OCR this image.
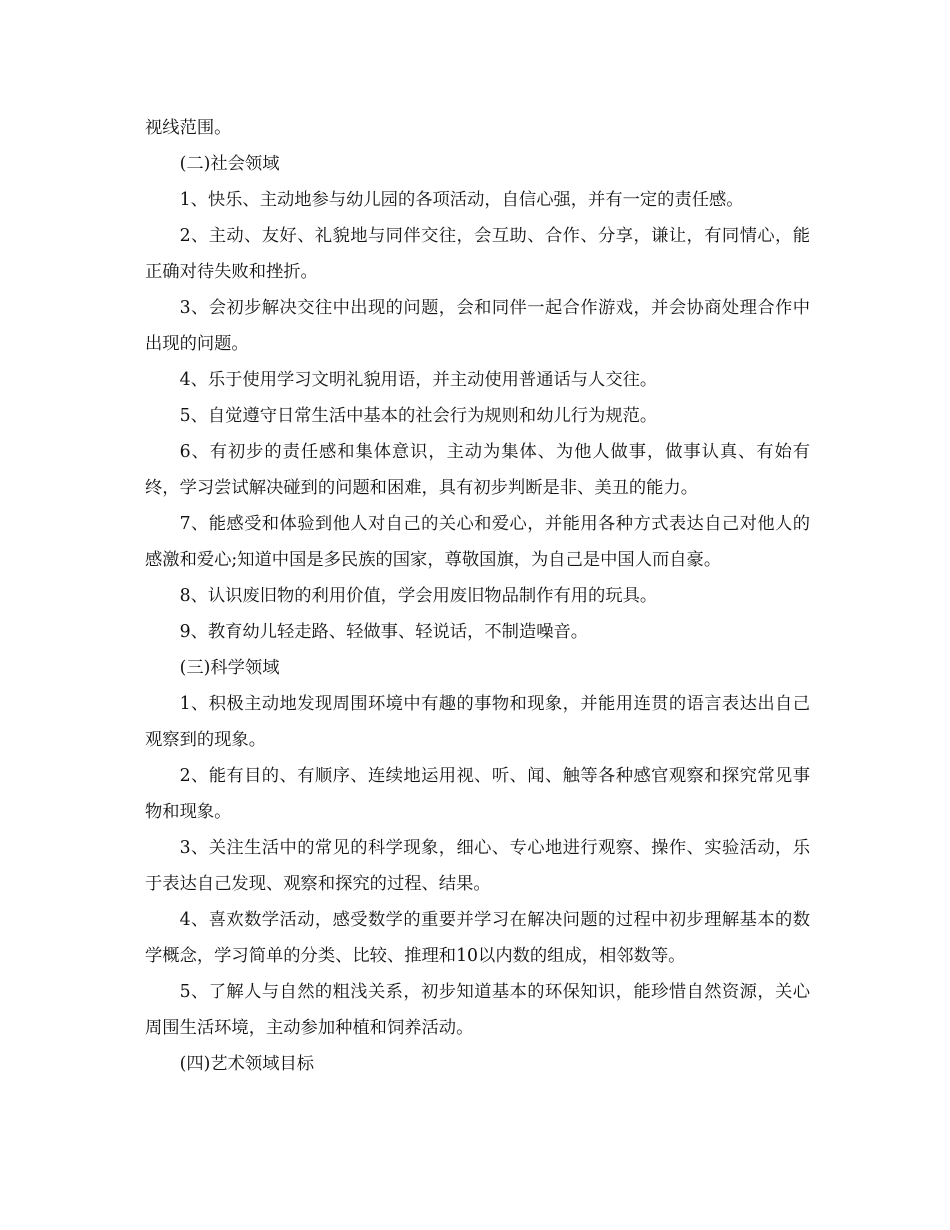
视线范围。

(二)社会领域

1、快乐、主动地参与幼儿园的各项活动，自信心强，并有一定的责任感。

2、主动、友好、礼貌地与同伴交往，会互助、合作、分享，谦让，有同情心，能正确对待失败和挫折。

3、会初步解决交往中出现的问题，会和同伴一起合作游戏，并会协商处理合作中出现的问题。

4、乐于使用学习文明礼貌用语，并主动使用普通话与人交往。

5、自觉遵守日常生活中基本的社会行为规则和幼儿行为规范。

6、有初步的责任感和集体意识，主动为集体、为他人做事，做事认真、有始有终，学习尝试解决碰到的问题和困难，具有初步判断是非、美丑的能力。

7、能感受和体验到他人对自己的关心和爱心，并能用各种方式表达自己对他人的感激和爱心;知道中国是多民族的国家，尊敬国旗，为自己是中国人而自豪。

8、认识废旧物的利用价值，学会用废旧物品制作有用的玩具。

9、教育幼儿轻走路、轻做事、轻说话，不制造噪音。

(三)科学领域

1、积极主动地发现周围环境中有趣的事物和现象，并能用连贯的语言表达出自己观察到的现象。

2、能有目的、有顺序、连续地运用视、听、闻、触等各种感官观察和探究常见事物和现象。

3、关注生活中的常见的科学现象，细心、专心地进行观察、操作、实验活动，乐于表达自己发现、观察和探究的过程、结果。

4、喜欢数学活动，感受数学的重要并学习在解决问题的过程中初步理解基本的数学概念，学习简单的分类、比较、推理和10以内数的组成，相邻数等。

5、了解人与自然的粗浅关系，初步知道基本的环保知识，能珍惜自然资源，关心周围生活环境，主动参加种植和饲养活动。

(四)艺术领域目标
